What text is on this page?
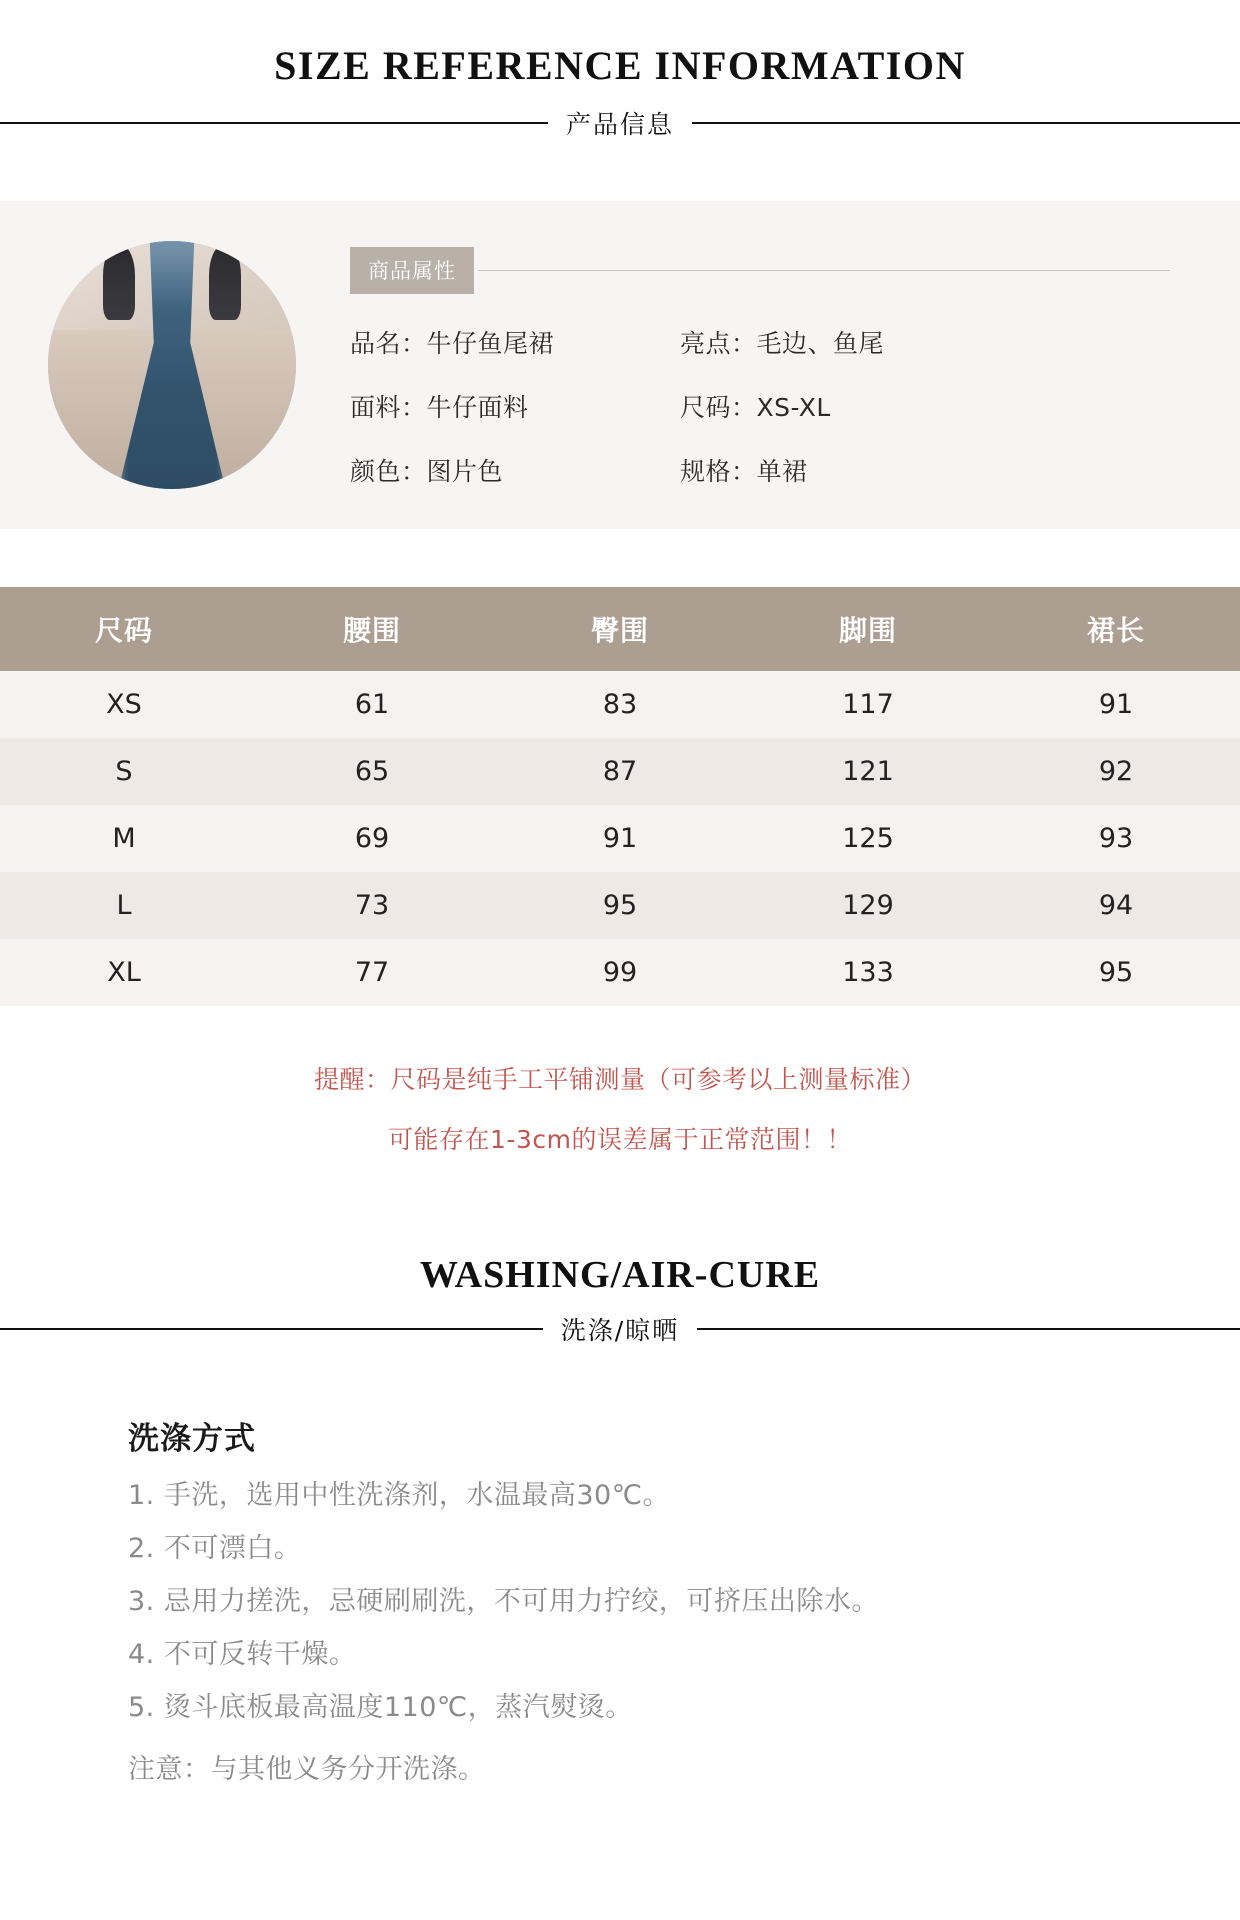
SIZE REFERENCE INFORMATION
产品信息
商品属性
品名：牛仔鱼尾裙	亮点：毛边、鱼尾
面料：牛仔面料	尺码：XS-XL
颜色：图片色	规格：单裙
尺码	腰围	臀围	脚围	裙长
XS	61	83	117	91
S	65	87	121	92
M	69	91	125	93
L	73	95	129	94
XL	77	99	133	95
提醒：尺码是纯手工平铺测量（可参考以上测量标准）
可能存在1-3cm的误差属于正常范围！！
WASHING/AIR-CURE
洗涤/晾晒
洗涤方式
1. 手洗，选用中性洗涤剂，水温最高30℃。
2. 不可漂白。
3. 忌用力搓洗，忌硬刷刷洗，不可用力拧绞，可挤压出除水。
4. 不可反转干燥。
5. 烫斗底板最高温度110℃，蒸汽熨烫。
注意：与其他义务分开洗涤。
